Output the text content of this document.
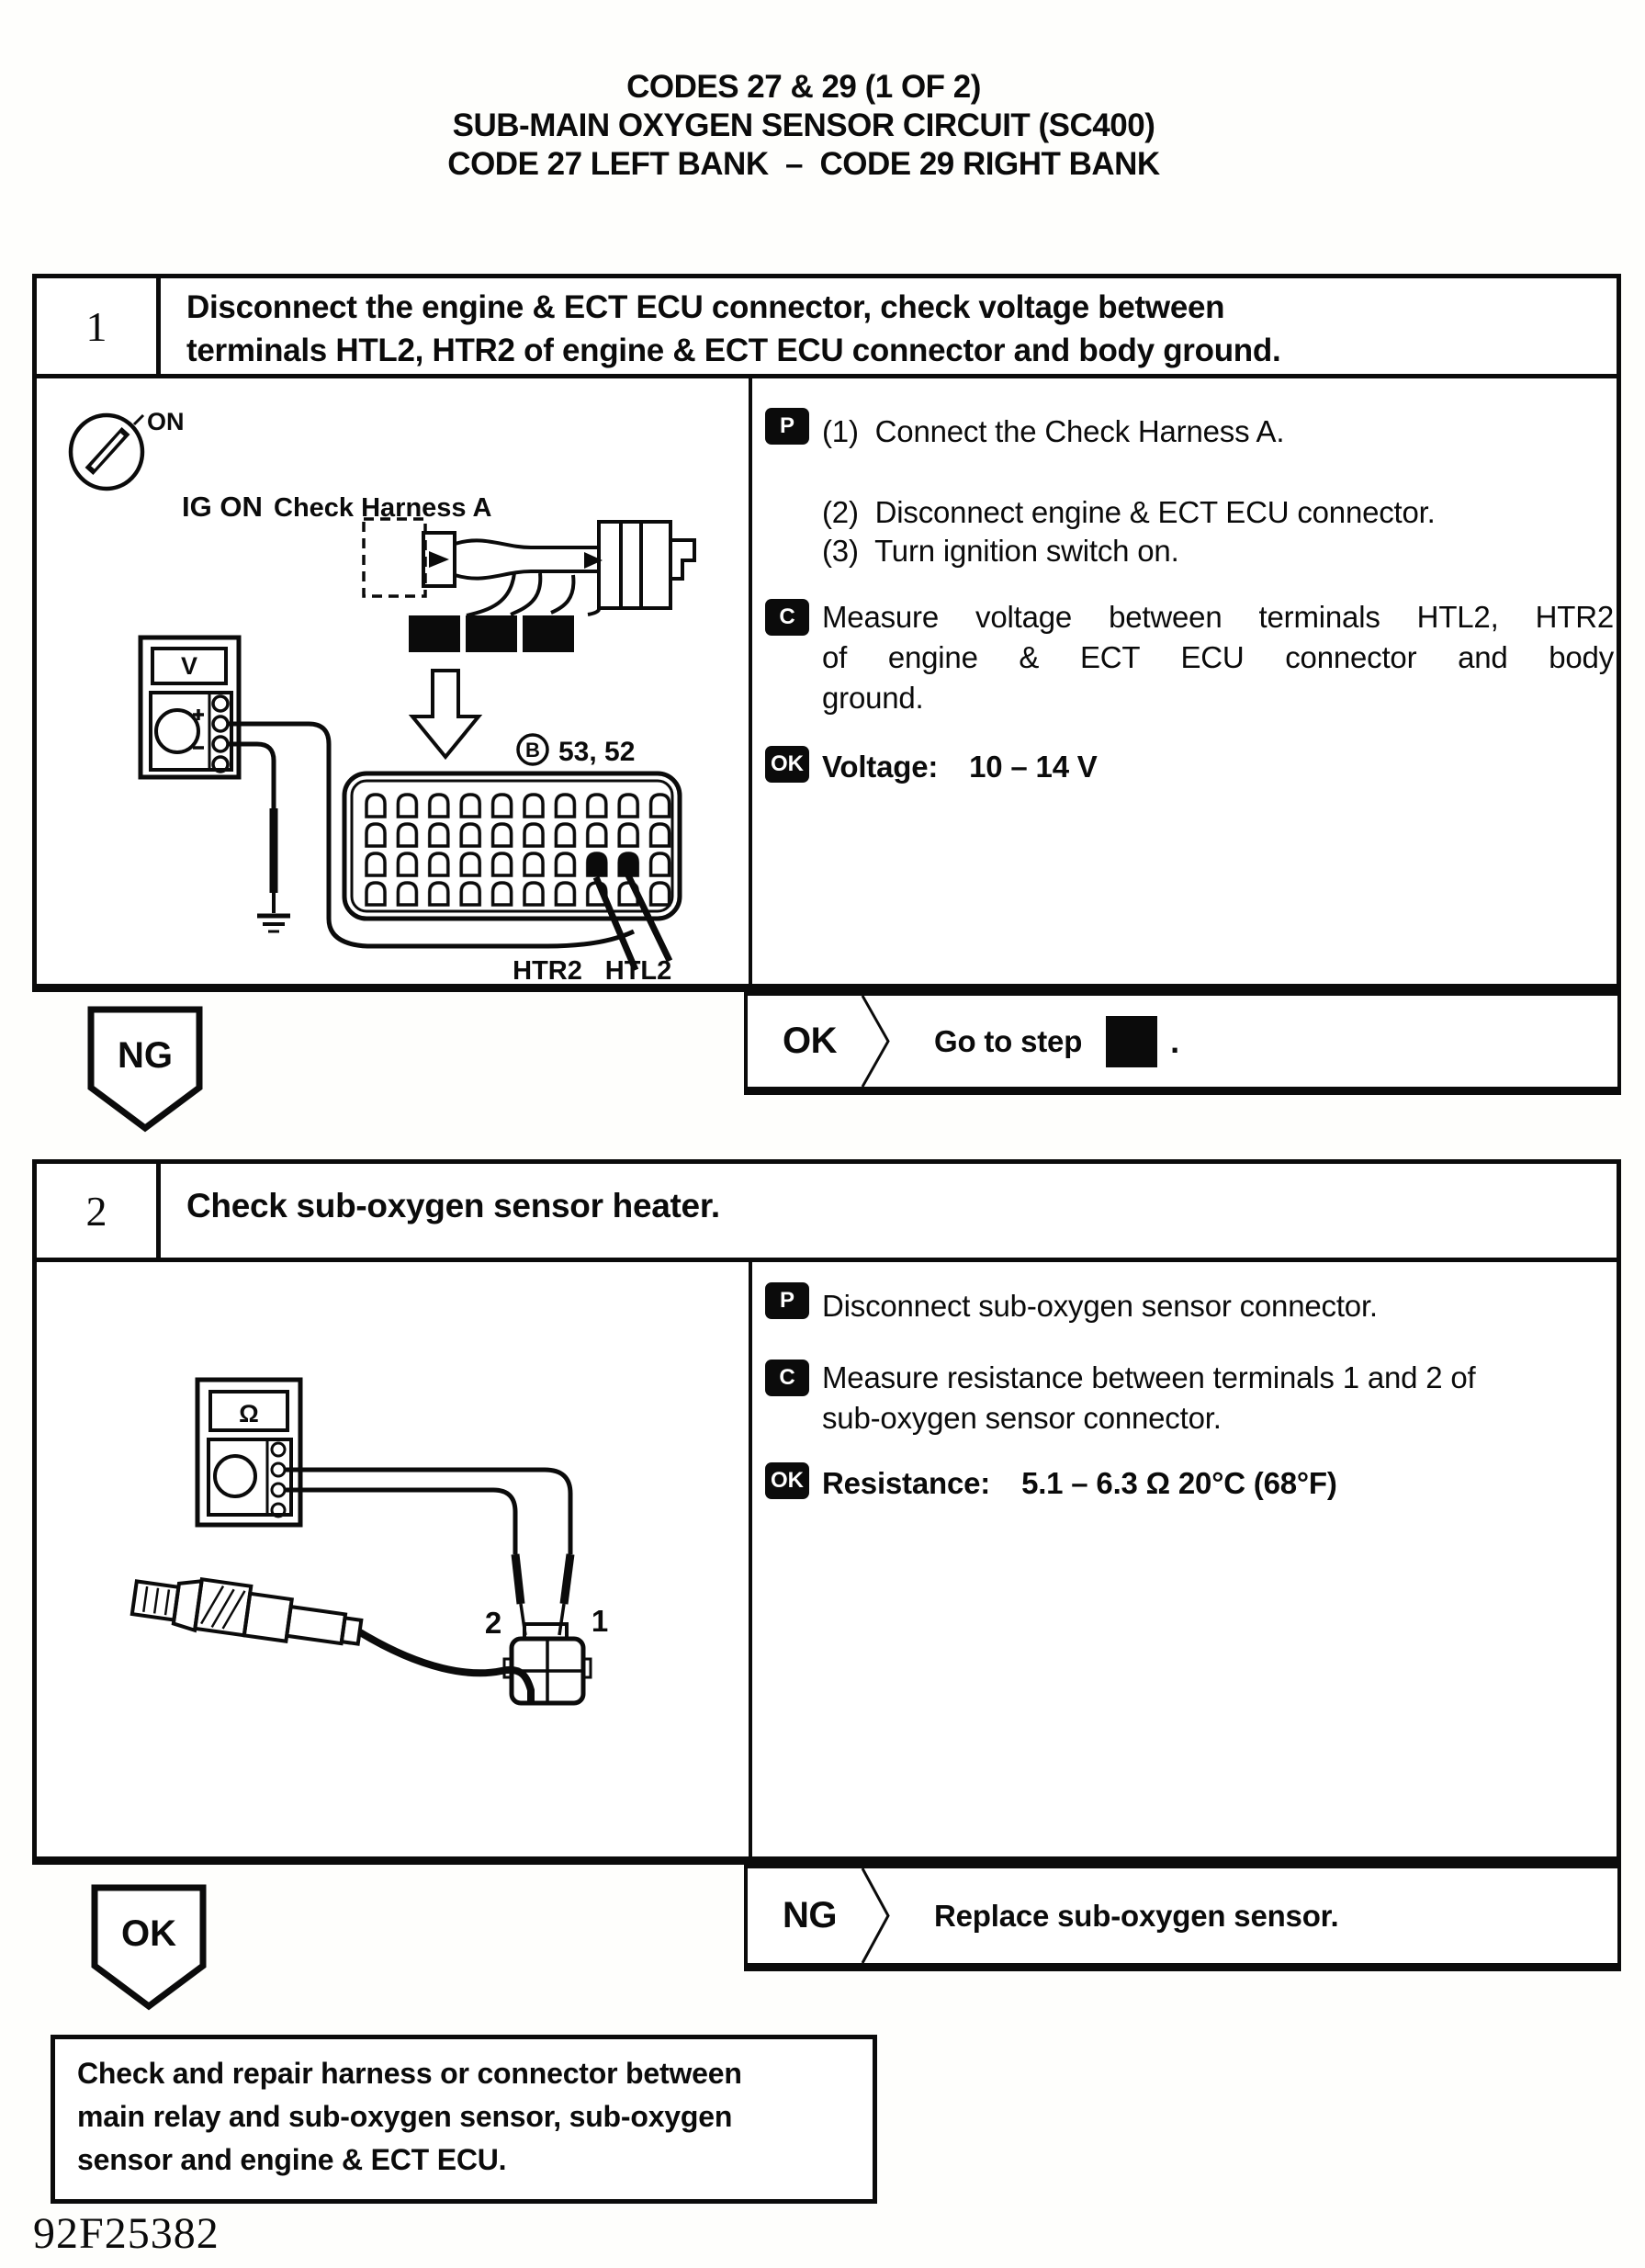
CODES 27 & 29 (1 OF 2)
SUB-MAIN OXYGEN SENSOR CIRCUIT (SC400)
CODE 27 LEFT BANK  –  CODE 29 RIGHT BANK
1 Disconnect the engine & ECT ECU connector, check voltage between
terminals HTL2, HTR2 of engine & ECT ECU connector and body ground.
ON
IG ON Check Harness A
V
B 53, 52
HTR2 HTL2
P (1)  Connect the Check Harness A.
(2)  Disconnect engine & ECT ECU connector.
(3)  Turn ignition switch on.
C Measure voltage between terminals HTL2, HTR2
of engine & ECT ECU connector and body
ground.
OK Voltage: 10 – 14 V
NG	OK	Go to step	.
2 Check sub-oxygen sensor heater.
Ω
2	1
P Disconnect sub-oxygen sensor connector.
C Measure resistance between terminals 1 and 2 of
sub-oxygen sensor connector.
OK Resistance: 5.1 – 6.3 Ω 20°C (68°F)
OK	NG	Replace sub-oxygen sensor.
Check and repair harness or connector between
main relay and sub-oxygen sensor, sub-oxygen
sensor and engine & ECT ECU.
92F25382
